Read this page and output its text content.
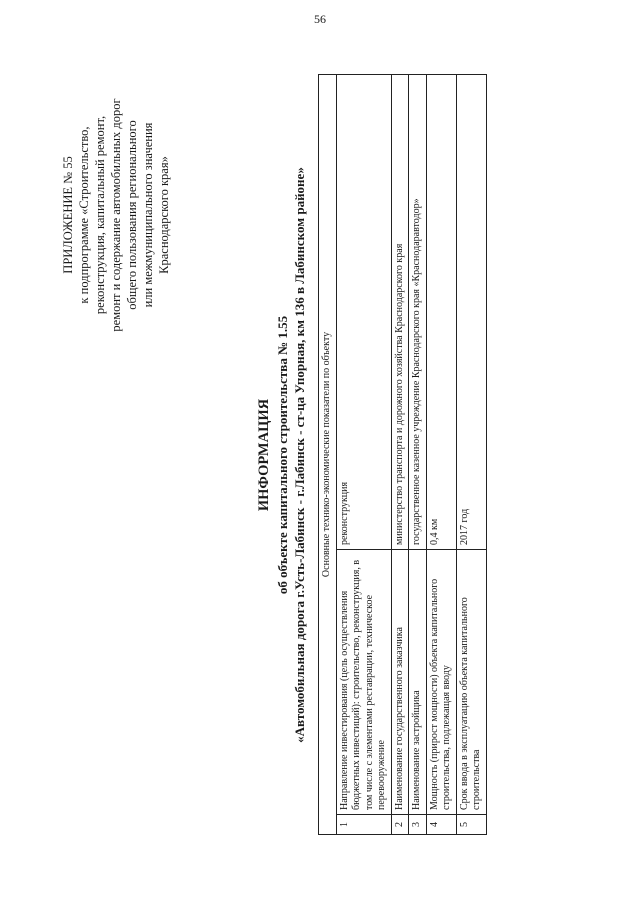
56
ПРИЛОЖЕНИЕ № 55 к подпрограмме «Строительство, реконструкция, капитальный ремонт, ремонт и содержание автомобильных дорог общего пользования регионального или межмуниципального значения Краснодарского края»
ИНФОРМАЦИЯ об объекте капитального строительства № 1.55 «Автомобильная дорога г.Усть-Лабинск - г.Лабинск - ст-ца Упорная, км 136 в Лабинском районе» Основные технико-экономические показатели по объекту		
1	Направление инвестирования (цель осуществления бюджетных инвестиций): строительство, реконструкция, в том числе с элементами реставрации, техническое перевооружение	реконструкция
2	Наименование государственного заказчика	министерство транспорта и дорожного хозяйства Краснодарского края
3	Наименование застройщика	государственное казенное учреждение Краснодарского края «Краснодаравтодор»
4	Мощность (прирост мощности) объекта капитального строительства, подлежащая вводу	0,4 км
5	Срок ввода в эксплуатацию объекта капитального строительства	2017 год
